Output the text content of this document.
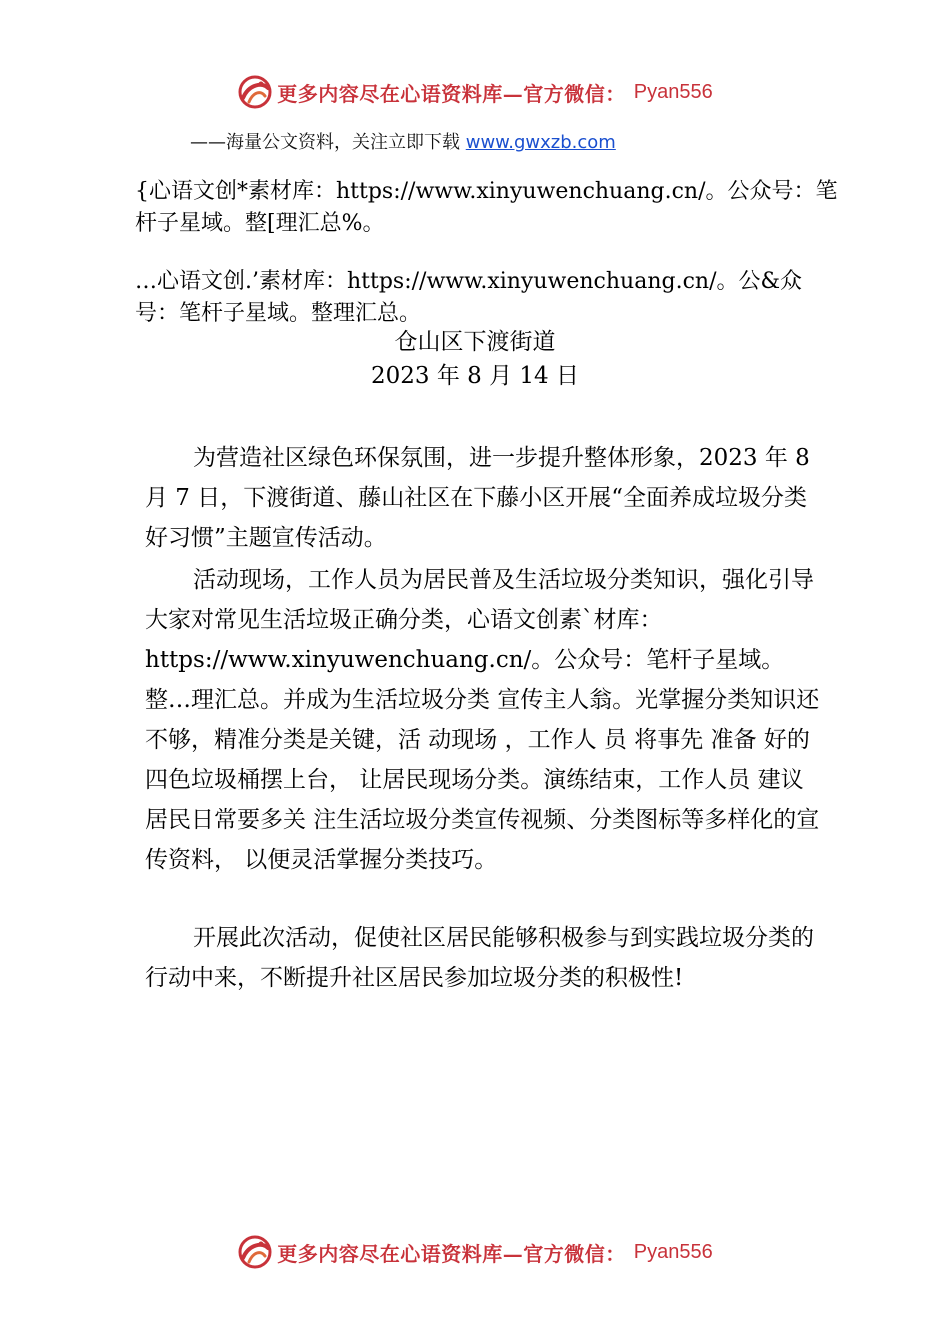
更多内容尽在心语资料库—官方微信： Pyan556
——海量公文资料，关注立即下载 www.gwxzb.com

{心语文创*素材库：https://www.xinyuwenchuang.cn/。公众号：笔杆子星域。整[理汇总%。

…心语文创.’素材库：https://www.xinyuwenchuang.cn/。公&众号：笔杆子星域。整理汇总。

仓山区下渡街道

2023 年 8 月 14 日

为营造社区绿色环保氛围，进一步提升整体形象，2023 年 8 月 7 日，下渡街道、藤山社区在下藤小区开展“全面养成垃圾分类好习惯”主题宣传活动。

活动现场，工作人员为居民普及生活垃圾分类知识，强化引导大家对常见生活垃圾正确分类，心语文创素`材库：https://www.xinyuwenchuang.cn/。公众号：笔杆子星域。整…理汇总。并成为生活垃圾分类 宣传主人翁。光掌握分类知识还不够，精准分类是关键，活 动现场 ，工作人 员 将事先 准备 好的 四色垃圾桶摆上台， 让居民现场分类。演练结束，工作人员 建议居民日常要多关 注生活垃圾分类宣传视频、分类图标等多样化的宣传资料， 以便灵活掌握分类技巧。

开展此次活动，促使社区居民能够积极参与到实践垃圾分类的行动中来，不断提升社区居民参加垃圾分类的积极性!

更多内容尽在心语资料库—官方微信： Pyan556
